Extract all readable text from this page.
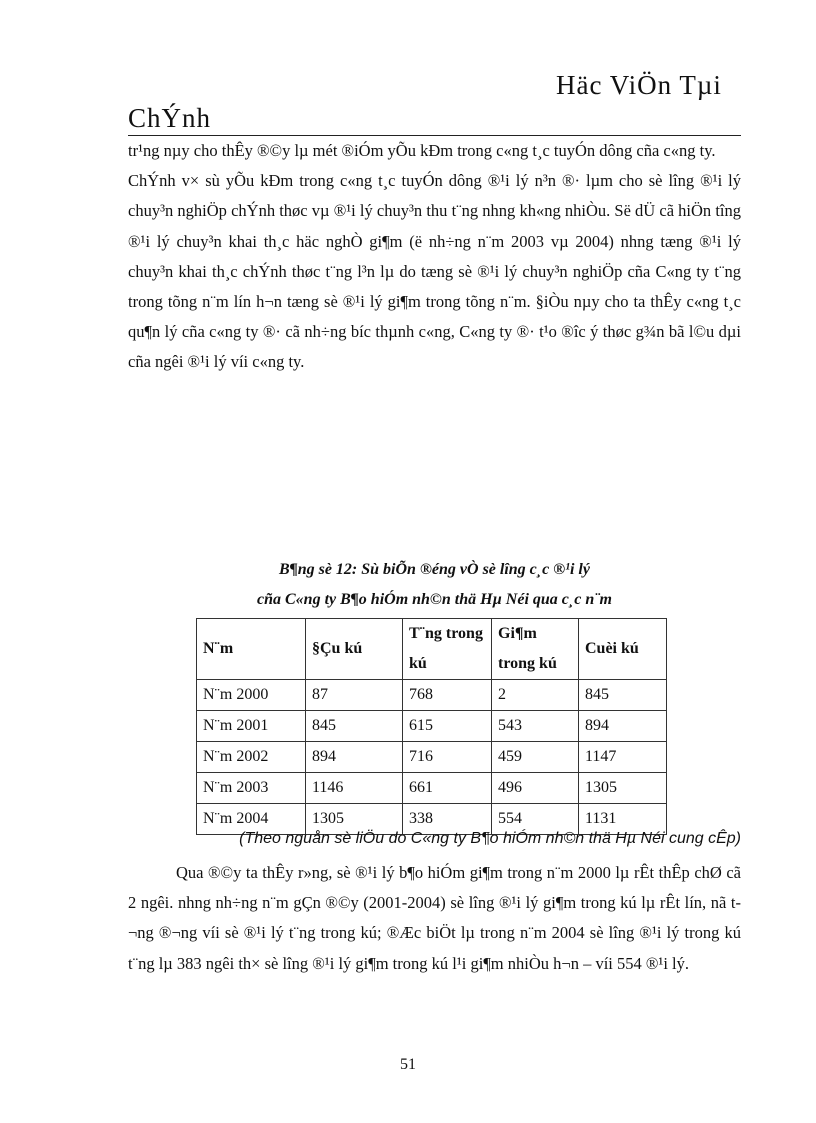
Häc ViÖn Tµi
ChÝnh

tr¹ng nµy cho thÊy ®©y lµ mét ®iÓm yÕu kÐm trong c«ng t¸c tuyÓn dông cña c«ng ty.

ChÝnh v× sù yÕu kÐm trong c«ng t¸c tuyÓn dông ®¹i lý n³n ®· lµm cho sè lîng ®¹i lý chuy³n nghiÖp chÝnh thøc vµ ®¹i lý chuy³n thu t¨ng nhng kh«ng nhiÒu. Së dÜ cã hiÖn tîng ®¹i lý chuy³n khai th¸c häc nghÒ gi¶m (ë nh÷ng n¨m 2003 vµ 2004) nhng tæng ®¹i lý chuy³n khai th¸c chÝnh thøc t¨ng l³n lµ do tæng sè ®¹i lý chuy³n nghiÖp cña C«ng ty t¨ng trong tõng n¨m lín h¬n tæng sè ®¹i lý gi¶m trong tõng n¨m. §iÒu nµy cho ta thÊy c«ng t¸c qu¶n lý cña c«ng ty ®· cã nh÷ng bíc thµnh c«ng, C«ng ty ®· t¹o ®îc ý thøc g¾n bã l©u dµi cña ngêi ®¹i lý víi c«ng ty.

B¶ng sè 12: Sù biÕn ®éng vÒ sè lîng c¸c ®¹i lý
cña C«ng ty B¶o hiÓm nh©n thä Hµ Néi qua c¸c n¨m
N¨m	§Çu kú	T¨ng trong kú	Gi¶m trong kú	Cuèi kú
N¨m 2000	87	768	2	845
N¨m 2001	845	615	543	894
N¨m 2002	894	716	459	1147
N¨m 2003	1146	661	496	1305
N¨m 2004	1305	338	554	1131
(Theo nguån sè liÖu do C«ng ty B¶o hiÓm nh©n thä Hµ Néi cung cÊp)

Qua ®©y ta thÊy r»ng, sè ®¹i lý b¶o hiÓm gi¶m trong n¨m 2000 lµ rÊt thÊp chØ cã 2 ngêi. nhng nh÷ng n¨m gÇn ®©y (2001-2004) sè lîng ®¹i lý gi¶m trong kú lµ rÊt lín, nã t¬ng ®¬ng víi sè ®¹i lý t¨ng trong kú; ®Æc biÖt lµ trong n¨m 2004 sè lîng ®¹i lý trong kú t¨ng lµ 383 ngêi th× sè lîng ®¹i lý gi¶m trong kú l¹i gi¶m nhiÒu h¬n – víi 554 ®¹i lý.

51
